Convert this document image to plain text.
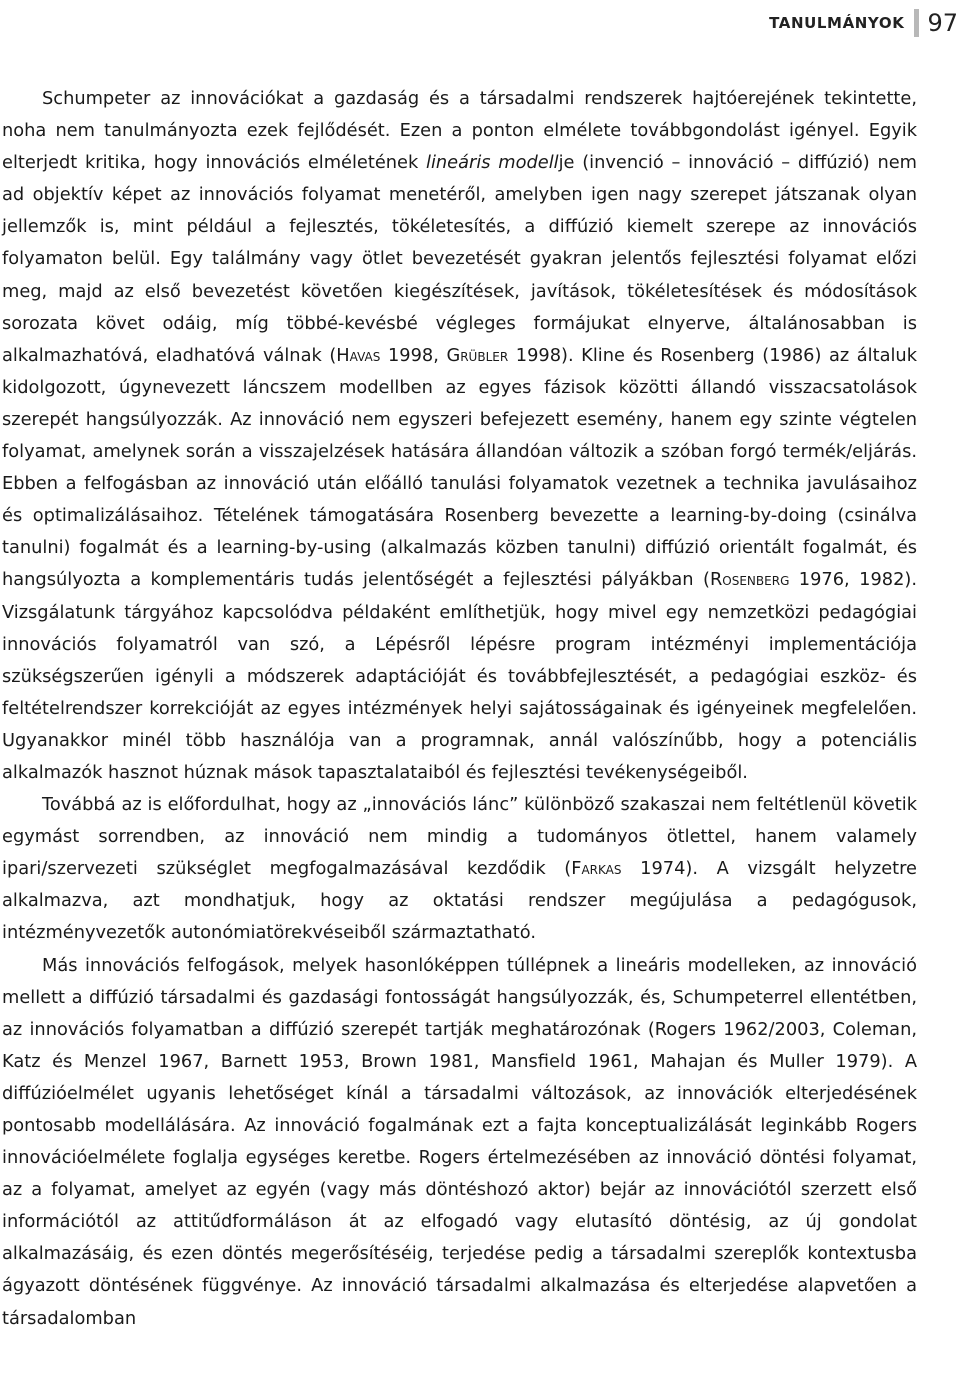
TANULMÁNYOK 97

Schumpeter az innovációkat a gazdaság és a társadalmi rendszerek hajtóerejének tekintette, noha nem tanulmányozta ezek fejlődését. Ezen a ponton elmélete továbbgondolást igényel. Egyik elterjedt kritika, hogy innovációs elméletének lineáris modellje (invenció – innováció – diffúzió) nem ad objektív képet az innovációs folyamat menetéről, amelyben igen nagy szerepet játszanak olyan jellemzők is, mint például a fejlesztés, tökéletesítés, a diffúzió kiemelt szerepe az innovációs folyamaton belül. Egy találmány vagy ötlet bevezetését gyakran jelentős fejlesztési folyamat előzi meg, majd az első bevezetést követően kiegészítések, javítások, tökéletesítések és módosítások sorozata követ odáig, míg többé-kevésbé végleges formájukat elnyerve, általánosabban is alkalmazhatóvá, eladhatóvá válnak (Havas 1998, Grübler 1998). Kline és Rosenberg (1986) az általuk kidolgozott, úgynevezett láncszem modellben az egyes fázisok közötti állandó visszacsatolások szerepét hangsúlyozzák. Az innováció nem egyszeri befejezett esemény, hanem egy szinte végtelen folyamat, amelynek során a visszajelzések hatására állandóan változik a szóban forgó termék/eljárás. Ebben a felfogásban az innováció után előálló tanulási folyamatok vezetnek a technika javulásaihoz és optimalizálásaihoz. Tételének támogatására Rosenberg bevezette a learning-by-doing (csinálva tanulni) fogalmát és a learning-by-using (alkalmazás közben tanulni) diffúzió orientált fogalmát, és hangsúlyozta a komplementáris tudás jelentőségét a fejlesztési pályákban (Rosenberg 1976, 1982). Vizsgálatunk tárgyához kapcsolódva példaként említhetjük, hogy mivel egy nemzetközi pedagógiai innovációs folyamatról van szó, a Lépésről lépésre program intézményi implementációja szükségszerűen igényli a módszerek adaptációját és továbbfejlesztését, a pedagógiai eszköz- és feltételrendszer korrekcióját az egyes intézmények helyi sajátosságainak és igényeinek megfelelően. Ugyanakkor minél több használója van a programnak, annál valószínűbb, hogy a potenciális alkalmazók hasznot húznak mások tapasztalataiból és fejlesztési tevékenységeiből.

Továbbá az is előfordulhat, hogy az „innovációs lánc” különböző szakaszai nem feltétlenül követik egymást sorrendben, az innováció nem mindig a tudományos ötlettel, hanem valamely ipari/szervezeti szükséglet megfogalmazásával kezdődik (Farkas 1974). A vizsgált helyzetre alkalmazva, azt mondhatjuk, hogy az oktatási rendszer megújulása a pedagógusok, intézményvezetők autonómiatörekvéseiből származtatható.

Más innovációs felfogások, melyek hasonlóképpen túllépnek a lineáris modelleken, az innováció mellett a diffúzió társadalmi és gazdasági fontosságát hangsúlyozzák, és, Schumpeterrel ellentétben, az innovációs folyamatban a diffúzió szerepét tartják meghatározónak (Rogers 1962/2003, Coleman, Katz és Menzel 1967, Barnett 1953, Brown 1981, Mansfield 1961, Mahajan és Muller 1979). A diffúzióelmélet ugyanis lehetőséget kínál a társadalmi változások, az innovációk elterjedésének pontosabb modellálására. Az innováció fogalmának ezt a fajta konceptualizálását leginkább Rogers innovációelmélete foglalja egységes keretbe. Rogers értelmezésében az innováció döntési folyamat, az a folyamat, amelyet az egyén (vagy más döntéshozó aktor) bejár az innovációtól szerzett első információtól az attitűdformáláson át az elfogadó vagy elutasító döntésig, az új gondolat alkalmazásáig, és ezen döntés megerősítéséig, terjedése pedig a társadalmi szereplők kontextusba ágyazott döntésének függvénye. Az innováció társadalmi alkalmazása és elterjedése alapvetően a társadalomban
